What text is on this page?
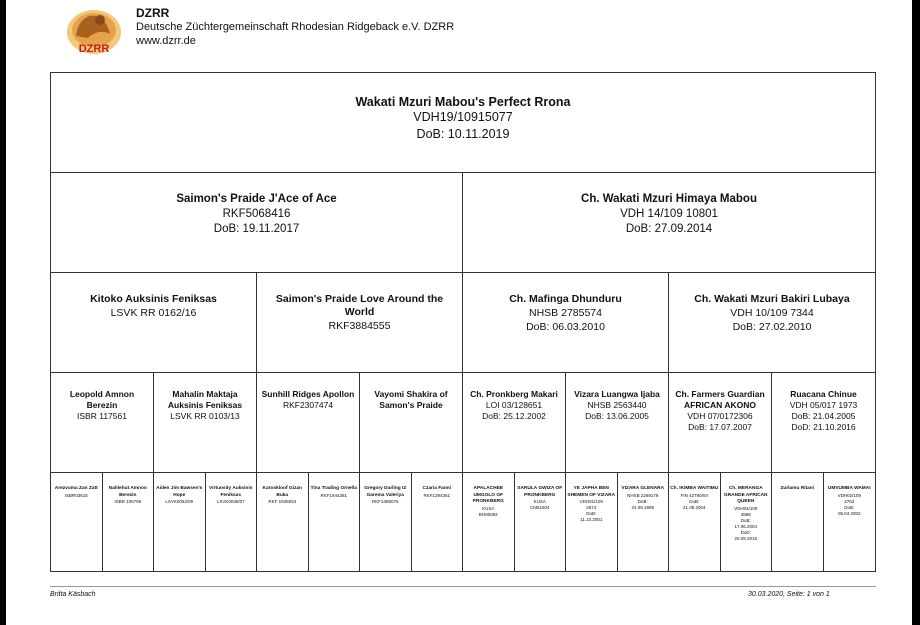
DZRR
DZRR
Deutsche Züchtergemeinschaft Rhodesian Ridgeback e.V. DZRR
www.dzrr.de
Wakati Mzuri Mabou's Perfect Rrona
VDH19/10915077
DoB: 10.11.2019
Saimon's Praide J'Ace of Ace
RKF5068416
DoB: 19.11.2017
Ch. Wakati Mzuri Himaya Mabou
VDH 14/109 10801
DoB: 27.09.2014
Kitoko Auksinis Feniksas
LSVK RR 0162/16
Saimon's Praide Love Around the World
RKF3884555
Ch. Mafinga Dhunduru
NHSB 2785574
DoB: 06.03.2010
Ch. Wakati Mzuri Bakiri Lubaya
VDH 10/109 7344
DoB: 27.02.2010
Leopold Amnon Berezin
ISBR 117561
Mahalin Maktaja Auksinis Feniksas
LSVK RR 0103/13
Sunhill Ridges Apollon
RKF2307474
Vayomi Shakira of Samon's Praide
Ch. Pronkberg Makari
LOI 03/128651
DoB: 25.12.2002
Vizara Luangwa Ijaba
NHSB 2563440
DoB: 13.06.2005
Ch. Farmers Guardian AFRICAN AKONO
VDH 07/0172306
DoB: 17.07.2007
Ruacana Chinue
VDH 05/017 1973
DoB: 21.04.2005
DoD: 21.10.2016
Arezvuma Zan Zatt
ISBR03615
Nahlehut Amnon Berezin
ISBR 105799
Aiden Jim Bawsen's Hope
LSVK0052/09
Virtuosity Auksinis Feniksas
LSVK0036/07
Karoskloof Gizan Buka
RKF 1935934
Tina Trading Ornella
RKF1944381
Gregory Darling IZ Garema Valeriya
RKF1385076
Czaria Fanni
RKF1394361
APALACHEE UMGOLO OF PRONKBERG
KUSA
BH00082
SARULA GWIZA OF PRONKBERG
KUSA
CM51504
YE JAPHA BEN SHEMEN OF VIZARA
VDH01/109
2574
DoB:
11.10.2001
VIZARA GLENARA
NHSB 2269179
DoB:
24.09.1999
Ch. IKIMBA WAITIMU
FIN 42790/04
DoB:
21.08.2004
Ch. MERANGA GRANDE AFRICAN QUEEN
VDH04/109
3868
DoB:
17.06.2004
DoD:
20.09.2015
Zurlamu Ritani	UMVUMBA WAMAI
VDH02/109
2762
DoB:
05.04.2002
Britta Käsbach	30.03.2020, Seite: 1 von 1
